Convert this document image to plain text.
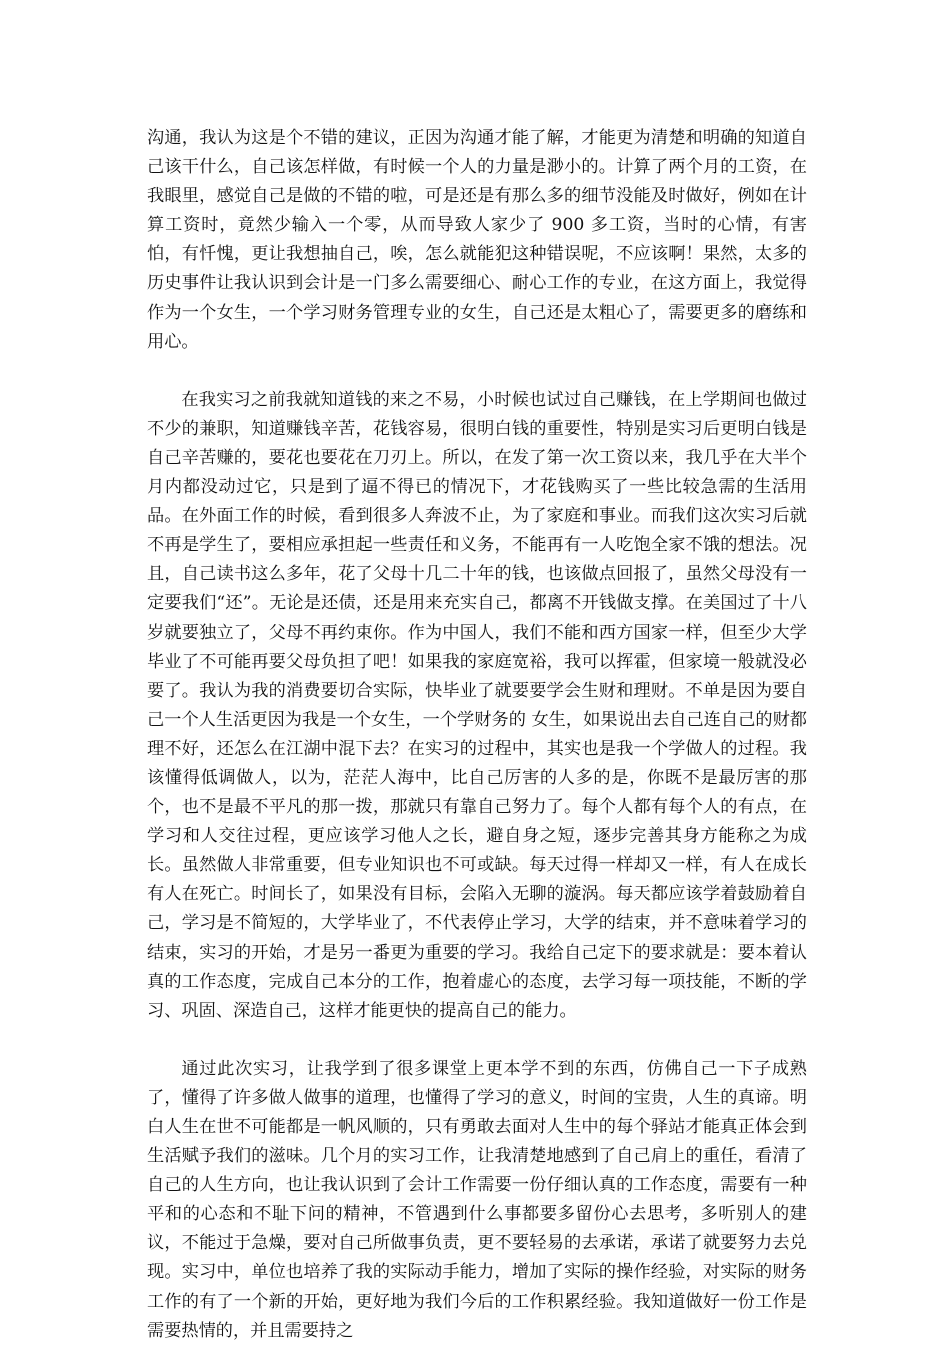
沟通，我认为这是个不错的建议，正因为沟通才能了解，才能更为清楚和明确的知道自己该干什么，自己该怎样做，有时候一个人的力量是渺小的。计算了两个月的工资，在我眼里，感觉自己是做的不错的啦，可是还是有那么多的细节没能及时做好，例如在计算工资时，竟然少输入一个零，从而导致人家少了 900 多工资，当时的心情，有害怕，有忏愧，更让我想抽自己，唉，怎么就能犯这种错误呢，不应该啊！果然，太多的历史事件让我认识到会计是一门多么需要细心、耐心工作的专业，在这方面上，我觉得作为一个女生，一个学习财务管理专业的女生，自己还是太粗心了，需要更多的磨练和用心。

在我实习之前我就知道钱的来之不易，小时候也试过自己赚钱，在上学期间也做过不少的兼职，知道赚钱辛苦，花钱容易，很明白钱的重要性，特别是实习后更明白钱是自己辛苦赚的，要花也要花在刀刃上。所以，在发了第一次工资以来，我几乎在大半个月内都没动过它，只是到了逼不得已的情况下，才花钱购买了一些比较急需的生活用品。在外面工作的时候，看到很多人奔波不止，为了家庭和事业。而我们这次实习后就不再是学生了，要相应承担起一些责任和义务，不能再有一人吃饱全家不饿的想法。况且，自己读书这么多年，花了父母十几二十年的钱，也该做点回报了，虽然父母没有一定要我们“还”。无论是还债，还是用来充实自己，都离不开钱做支撑。在美国过了十八岁就要独立了，父母不再约束你。作为中国人，我们不能和西方国家一样，但至少大学毕业了不可能再要父母负担了吧！如果我的家庭宽裕，我可以挥霍，但家境一般就没必要了。我认为我的消费要切合实际，快毕业了就要要学会生财和理财。不单是因为要自己一个人生活更因为我是一个女生，一个学财务的 女生，如果说出去自己连自己的财都理不好，还怎么在江湖中混下去？在实习的过程中，其实也是我一个学做人的过程。我该懂得低调做人，以为，茫茫人海中，比自己厉害的人多的是，你既不是最厉害的那个，也不是最不平凡的那一拨，那就只有靠自己努力了。每个人都有每个人的有点，在学习和人交往过程，更应该学习他人之长，避自身之短，逐步完善其身方能称之为成长。虽然做人非常重要，但专业知识也不可或缺。每天过得一样却又一样，有人在成长有人在死亡。时间长了，如果没有目标，会陷入无聊的漩涡。每天都应该学着鼓励着自己，学习是不简短的，大学毕业了，不代表停止学习，大学的结束，并不意味着学习的结束，实习的开始，才是另一番更为重要的学习。我给自己定下的要求就是：要本着认真的工作态度，完成自己本分的工作，抱着虚心的态度，去学习每一项技能，不断的学习、巩固、深造自己，这样才能更快的提高自己的能力。

通过此次实习，让我学到了很多课堂上更本学不到的东西，仿佛自己一下子成熟了，懂得了许多做人做事的道理，也懂得了学习的意义，时间的宝贵，人生的真谛。明白人生在世不可能都是一帆风顺的，只有勇敢去面对人生中的每个驿站才能真正体会到生活赋予我们的滋味。几个月的实习工作，让我清楚地感到了自己肩上的重任，看清了自己的人生方向，也让我认识到了会计工作需要一份仔细认真的工作态度，需要有一种平和的心态和不耻下问的精神，不管遇到什么事都要多留份心去思考，多听别人的建议，不能过于急燥，要对自己所做事负责，更不要轻易的去承诺，承诺了就要努力去兑现。实习中，单位也培养了我的实际动手能力，增加了实际的操作经验，对实际的财务工作的有了一个新的开始，更好地为我们今后的工作积累经验。我知道做好一份工作是需要热情的，并且需要持之
